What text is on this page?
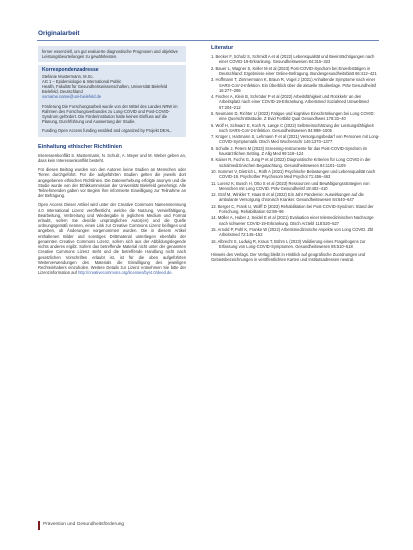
Originalarbeit

ferner essenziell, um gut evaluierte diagnostische Prognosen und objektive Leistungsbeurteilungen zu gewährleisten.

Korrespondenzadresse

Stefanie Mustermann, M.Sc.

AG 1 – Epidemiologie & International Public

Health, Fakultät für Gesundheitswissenschaften, Universität Bielefeld

Bielefeld, Deutschland

vorname.name@uni-bielefeld.de

Förderung Die Forschungsarbeit wurde von der Mittel des Landes NRW im Rahmen des Forschungsverbundes zu Long-COVID und Post-COVID-Syndrom gefördert. Die Förderinstitution hatte keinen Einfluss auf die Planung, Durchführung und Auswertung der Studie.

Funding Open Access funding enabled and organized by Projekt DEAL.

Einhaltung ethischer Richtlinien

Interessenkonflikt S. Mustermann, N. Schulz, A. Meyer und M. Weber geben an, dass kein Interessenkonflikt besteht.

Für diesen Beitrag wurden von den Autoren keine Studien an Menschen oder Tieren durchgeführt. Für die aufgeführten Studien gelten die jeweils dort angegebenen ethischen Richtlinien. Die Datenerhebung erfolgte anonym und die Studie wurde von der Ethikkommission der Universität Bielefeld genehmigt. Alle Teilnehmenden gaben vor Beginn ihre informierte Einwilligung zur Teilnahme an der Befragung.

Open Access Dieser Artikel wird unter der Creative Commons Namensnennung 4.0 International Lizenz veröffentlicht, welche die Nutzung, Vervielfältigung, Bearbeitung, Verbreitung und Wiedergabe in jeglichem Medium und Format erlaubt, sofern Sie den/die ursprünglichen Autor(en) und die Quelle ordnungsgemäß nennen, einen Link zur Creative Commons Lizenz beifügen und angeben, ob Änderungen vorgenommen wurden. Die in diesem Artikel enthaltenen Bilder und sonstiges Drittmaterial unterliegen ebenfalls der genannten Creative Commons Lizenz, sofern sich aus der Abbildungslegende nichts anderes ergibt. Sofern das betreffende Material nicht unter der genannten Creative Commons Lizenz steht und die betreffende Handlung nicht nach gesetzlichen Vorschriften erlaubt ist, ist für die oben aufgeführten Weiterverwendungen des Materials die Einwilligung des jeweiligen Rechteinhabers einzuholen. Weitere Details zur Lizenz entnehmen Sie bitte der Lizenzinformation auf http://creativecommons.org/licenses/by/4.0/deed.de.

Literatur

1. Becker F, Scholz S, Schmidt A et al (2022) Lebensqualität und Beeinträchtigungen nach einer COVID-19-Erkrankung. Gesundheitswesen 84:315–323
2. Bauer L, Wagner S, Keller M et al (2023) Post-COVID-Syndrom bei Erwerbstätigen in Deutschland: Ergebnisse einer Online-Befragung. Bundesgesundheitsblatt 66:412–421
3. Hoffmann T, Zimmermann K, Braun R, Vogel J (2021) Anhaltende Symptome nach einer SARS-CoV-2-Infektion. Ein Überblick über die aktuelle Studienlage. Präv Gesundheitsf 16:277–285
4. Fischer A, Klein B, Schröder P et al (2022) Arbeitsfähigkeit und Rückkehr an den Arbeitsplatz nach einer COVID-19-Erkrankung. Arbeitsmed Sozialmed Umweltmed 57:204–212
5. Neumann D, Richter U (2023) Fatigue und kognitive Einschränkungen bei Long COVID: eine Querschnittsstudie. Z Evid Fortbild Qual Gesundhwes 178:33–40
6. Wolf H, Schwarz E, Koch N, Lange C (2022) Selbsteinschätzung der Leistungsfähigkeit nach SARS-CoV-2-Infektion. Gesundheitswesen 84:998–1005
7. Krüger I, Hartmann S, Lehmann F et al (2021) Versorgungsbedarf von Personen mit Long-COVID-Symptomatik. Dtsch Med Wochenschr 146:1370–1377
8. Schulte J, Peters M (2023) Screening-Instrumente für das Post-COVID-Syndrom im hausärztlichen Setting. Z Allg Med 99:118–124
9. Kaiser R, Fuchs G, Jung P et al (2022) Diagnostische Kriterien für Long COVID in der sozialmedizinischen Begutachtung. Gesundheitswesen 84:1101–1109
10. Sommer V, Dietrich L, Roth A (2021) Psychische Belastungen und Lebensqualität nach COVID-19. Psychother Psychosom Med Psychol 71:456–463
11. Lorenz K, Busch H, Otto S et al (2023) Ressourcen und Bewältigungsstrategien von Menschen mit Long COVID. Präv Gesundheitsf 18:402–410
12. Graf M, Winkler T, Haas B et al (2022) Ein Jahr Pandemie: Auswirkungen auf die ambulante Versorgung chronisch Kranker. Gesundheitswesen 84:640–647
13. Berger C, Frank U, Wolff D (2023) Rehabilitation bei Post-COVID-Syndrom: Stand der Forschung. Rehabilitation 62:88–96
14. Möller A, Huber J, Seidel E et al (2021) Evaluation einer telemedizinischen Nachsorge nach schwerer COVID-19-Erkrankung. Dtsch Arztebl 118:520–527
15. Arnold P, Pohl K, Franke W (2022) Arbeitsmedizinische Aspekte von Long COVID. Zbl Arbeitsmed 72:145–152
16. Albrecht S, Ludwig R, Kraus T, Böhm L (2023) Validierung eines Fragebogens zur Erfassung von Long-COVID-Symptomen. Gesundheitswesen 85:510–518

Hinweis des Verlags. Der Verlag bleibt in Hinblick auf geografische Zuordnungen und Gebietsbezeichnungen in veröffentlichten Karten und Institutsadressen neutral.

Prävention und Gesundheitsförderung
